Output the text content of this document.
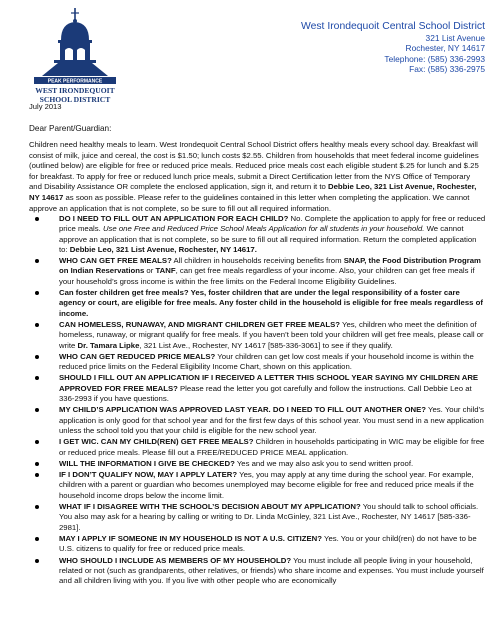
PEAK PERFORMANCE
WEST IRONDEQUOIT
SCHOOL DISTRICT
West Irondequoit Central School District
321 List Avenue
Rochester, NY 14617
Telephone: (585) 336-2993
Fax: (585) 336-2975
July 2013
Dear Parent/Guardian:
Children need healthy meals to learn. West Irondequoit Central School District offers healthy meals every school day. Breakfast will consist of milk, juice and cereal, the cost is $1.50; lunch costs $2.55. Children from households that meet federal income guidelines (outlined below) are eligible for free or reduced price meals. Reduced price meals cost each eligible student $.25 for lunch and $.25 for breakfast. To apply for free or reduced lunch price meals, submit a Direct Certification letter from the NYS Office of Temporary and Disability Assistance OR complete the enclosed application, sign it, and return it to Debbie Leo, 321 List Avenue, Rochester, NY 14617 as soon as possible. Please refer to the guidelines contained in this letter when completing the application. We cannot approve an application that is not complete, so be sure to fill out all required information.
DO I NEED TO FILL OUT AN APPLICATION FOR EACH CHILD? No. Complete the application to apply for free or reduced price meals. Use one Free and Reduced Price School Meals Application for all students in your household. We cannot approve an application that is not complete, so be sure to fill out all required information. Return the completed application to: Debbie Leo, 321 List Avenue, Rochester, NY 14617.
WHO CAN GET FREE MEALS? All children in households receiving benefits from SNAP, the Food Distribution Program on Indian Reservations or TANF, can get free meals regardless of your income. Also, your children can get free meals if your household’s gross income is within the free limits on the Federal Income Eligibility Guidelines.
Can foster children get free meals? Yes, foster children that are under the legal responsibility of a foster care agency or court, are eligible for free meals. Any foster child in the household is eligible for free meals regardless of income.
CAN HOMELESS, RUNAWAY, AND MIGRANT CHILDREN GET FREE MEALS? Yes, children who meet the definition of homeless, runaway, or migrant qualify for free meals. If you haven’t been told your children will get free meals, please call or write Dr. Tamara Lipke, 321 List Ave., Rochester, NY 14617 [585-336-3061] to see if they qualify.
WHO CAN GET REDUCED PRICE MEALS? Your children can get low cost meals if your household income is within the reduced price limits on the Federal Eligibility Income Chart, shown on this application.
SHOULD I FILL OUT AN APPLICATION IF I RECEIVED A LETTER THIS SCHOOL YEAR SAYING MY CHILDREN ARE APPROVED FOR FREE MEALS? Please read the letter you got carefully and follow the instructions. Call Debbie Leo at 336-2993 if you have questions.
MY CHILD’S APPLICATION WAS APPROVED LAST YEAR. DO I NEED TO FILL OUT ANOTHER ONE? Yes. Your child’s application is only good for that school year and for the first few days of this school year. You must send in a new application unless the school told you that your child is eligible for the new school year.
I GET WIC. CAN MY CHILD(REN) GET FREE MEALS? Children in households participating in WIC may be eligible for free or reduced price meals. Please fill out a FREE/REDUCED PRICE MEAL application.
WILL THE INFORMATION I GIVE BE CHECKED? Yes and we may also ask you to send written proof.
IF I DON’T QUALIFY NOW, MAY I APPLY LATER? Yes, you may apply at any time during the school year. For example, children with a parent or guardian who becomes unemployed may become eligible for free and reduced price meals if the household income drops below the income limit.
WHAT IF I DISAGREE WITH THE SCHOOL’S DECISION ABOUT MY APPLICATION? You should talk to school officials. You also may ask for a hearing by calling or writing to Dr. Linda McGinley, 321 List Ave., Rochester, NY 14617 [585-336-2981].
MAY I APPLY IF SOMEONE IN MY HOUSEHOLD IS NOT A U.S. CITIZEN? Yes. You or your child(ren) do not have to be U.S. citizens to qualify for free or reduced price meals.
WHO SHOULD I INCLUDE AS MEMBERS OF MY HOUSEHOLD? You must include all people living in your household, related or not (such as grandparents, other relatives, or friends) who share income and expenses. You must include yourself and all children living with you. If you live with other people who are economically
